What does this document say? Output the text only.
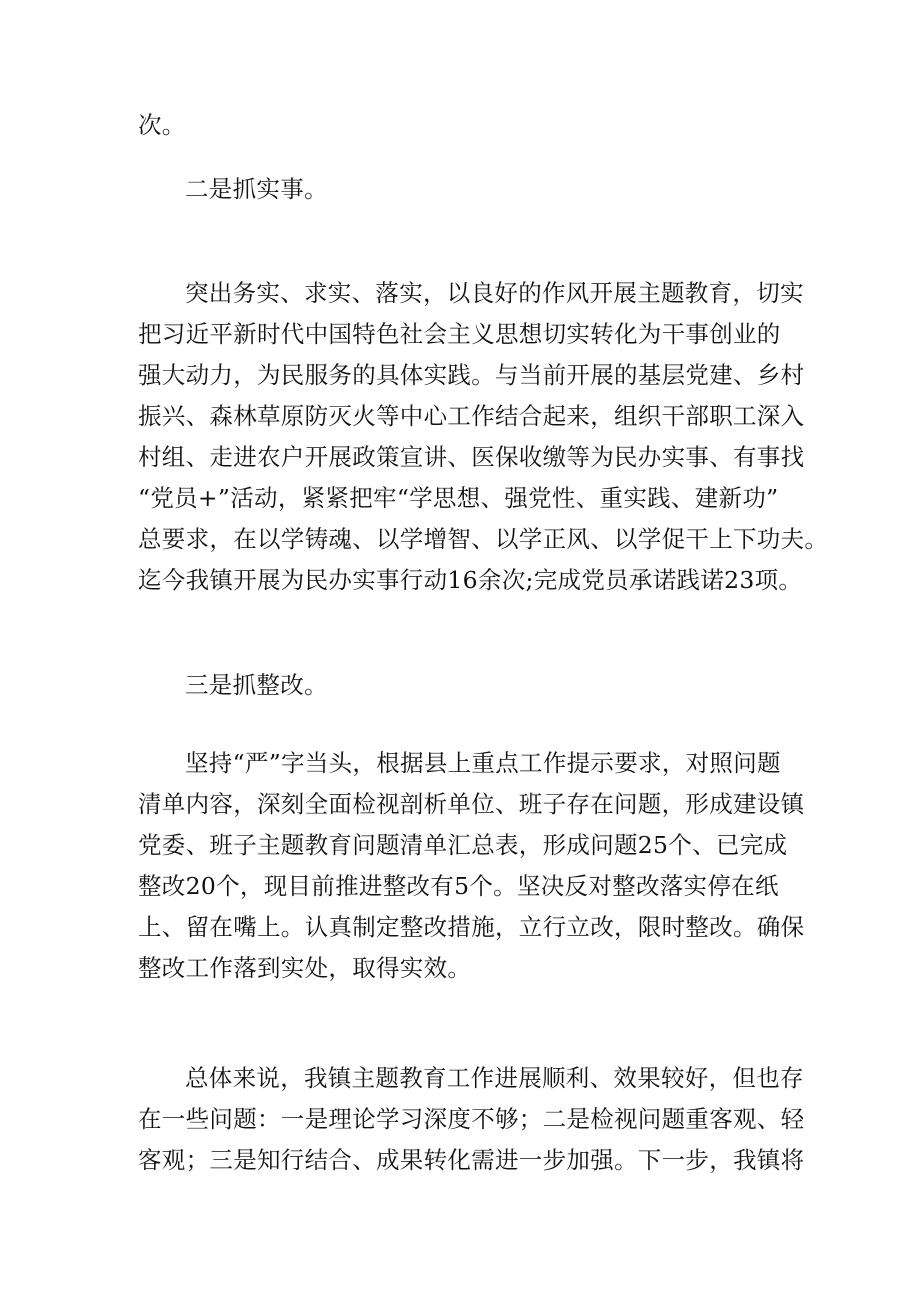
次。

二是抓实事。

突出务实、求实、落实，以良好的作风开展主题教育，切实
把习近平新时代中国特色社会主义思想切实转化为干事创业的
强大动力，为民服务的具体实践。与当前开展的基层党建、乡村
振兴、森林草原防灭火等中心工作结合起来，组织干部职工深入
村组、走进农户开展政策宣讲、医保收缴等为民办实事、有事找
“党员+”活动，紧紧把牢“学思想、强党性、重实践、建新功”
总要求，在以学铸魂、以学增智、以学正风、以学促干上下功夫。
迄今我镇开展为民办实事行动16余次;完成党员承诺践诺23项。

三是抓整改。

坚持“严”字当头，根据县上重点工作提示要求，对照问题
清单内容，深刻全面检视剖析单位、班子存在问题，形成建设镇
党委、班子主题教育问题清单汇总表，形成问题25个、已完成
整改20个，现目前推进整改有5个。坚决反对整改落实停在纸
上、留在嘴上。认真制定整改措施，立行立改，限时整改。确保
整改工作落到实处，取得实效。

总体来说，我镇主题教育工作进展顺利、效果较好，但也存
在一些问题：一是理论学习深度不够；二是检视问题重客观、轻
客观；三是知行结合、成果转化需进一步加强。下一步，我镇将
